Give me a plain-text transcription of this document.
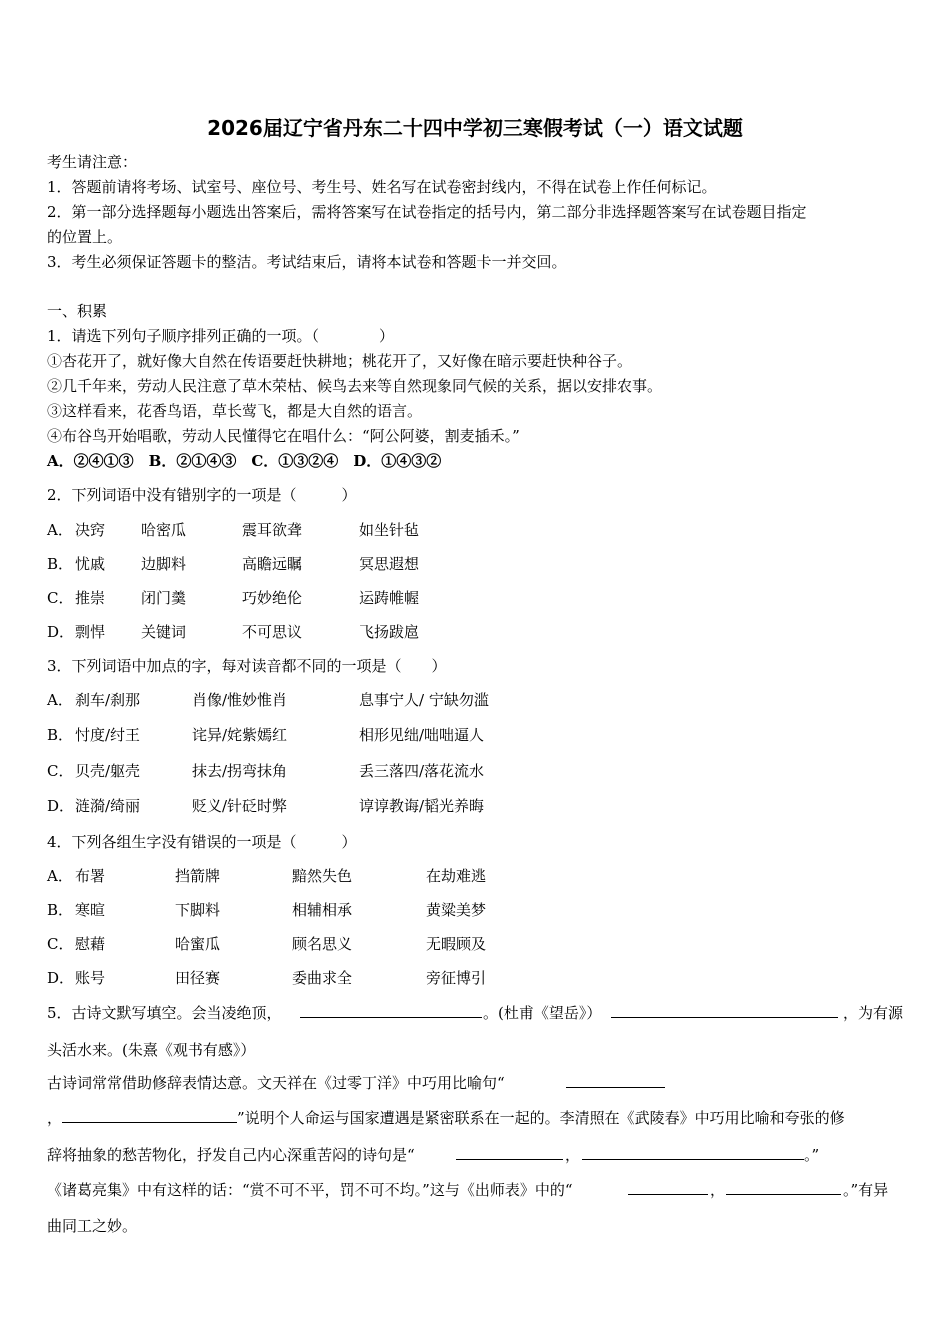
2026届辽宁省丹东二十四中学初三寒假考试（一）语文试题
考生请注意：
1．答题前请将考场、试室号、座位号、考生号、姓名写在试卷密封线内，不得在试卷上作任何标记。
2．第一部分选择题每小题选出答案后，需将答案写在试卷指定的括号内，第二部分非选择题答案写在试卷题目指定
的位置上。
3．考生必须保证答题卡的整洁。考试结束后，请将本试卷和答题卡一并交回。
一、积累
1．请选下列句子顺序排列正确的一项。（　　　　）
①杏花开了，就好像大自然在传语要赶快耕地；桃花开了，又好像在暗示要赶快种谷子。
②几千年来，劳动人民注意了草木荣枯、候鸟去来等自然现象同气候的关系，据以安排农事。
③这样看来，花香鸟语，草长莺飞，都是大自然的语言。
④布谷鸟开始唱歌，劳动人民懂得它在唱什么：“阿公阿婆，割麦插禾。”
A．②④①③　B．②①④③　C．①③②④　D．①④③②
2．下列词语中没有错别字的一项是（　　　）
A． 决窍 哈密瓜	震耳欲聋	如坐针毡
B． 忧戚 边脚料	高瞻远瞩	冥思遐想
C． 推崇 闭门羹	巧妙绝伦	运踌帷幄
D． 剽悍 关键词	不可思议	飞扬跋扈
3．下列词语中加点的字，每对读音都不同的一项是（　　）
A． 刹车/刹那	肖像/惟妙惟肖	息事宁人/ 宁缺勿滥
B． 忖度/纣王	诧异/姹紫嫣红	相形见绌/咄咄逼人
C． 贝壳/躯壳	抹去/拐弯抹角	丢三落四/落花流水
D． 涟漪/绮丽	贬义/针砭时弊	谆谆教诲/韬光养晦
4．下列各组生字没有错误的一项是（　　　）
A． 布署	挡箭牌	黯然失色	在劫难逃
B． 寒暄	下脚料	相辅相承	黄粱美梦
C． 慰藉	哈蜜瓜	顾名思义	无暇顾及
D． 账号	田径赛	委曲求全	旁征博引
5．古诗文默写填空。会当凌绝顶，	。(杜甫《望岳》）	，为有源
头活水来。(朱熹《观书有感》）
古诗词常常借助修辞表情达意。文天祥在《过零丁洋》中巧用比喻句“
，	”说明个人命运与国家遭遇是紧密联系在一起的。李清照在《武陵春》中巧用比喻和夸张的修
辞将抽象的愁苦物化，抒发自己内心深重苦闷的诗句是“	，	。”
《诸葛亮集》中有这样的话：“赏不可不平，罚不可不均。”这与《出师表》中的“	，	。”有异
曲同工之妙。
